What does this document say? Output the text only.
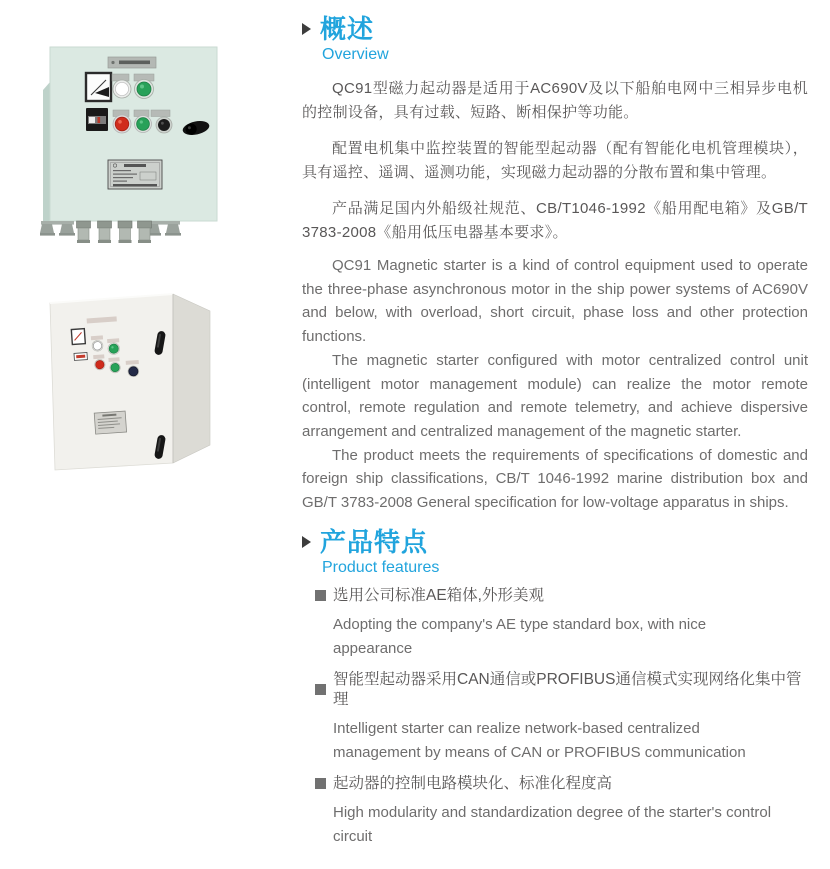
概述
Overview

QC91型磁力起动器是适用于AC690V及以下船舶电网中三相异步电机的控制设备，具有过载、短路、断相保护等功能。

配置电机集中监控装置的智能型起动器（配有智能化电机管理模块），具有遥控、遥调、遥测功能，实现磁力起动器的分散布置和集中管理。

产品满足国内外船级社规范、CB/T1046-1992《船用配电箱》及GB/T 3783-2008《船用低压电器基本要求》。

QC91 Magnetic starter is a kind of control equipment used to operate the three-phase asynchronous motor in the ship power systems of AC690V and below, with overload, short circuit, phase loss and other protection functions.

The magnetic starter configured with motor centralized control unit (intelligent motor management module) can realize the motor remote control, remote regulation and remote telemetry, and achieve dispersive arrangement and centralized management of the magnetic starter.

The product meets the requirements of specifications of domestic and foreign ship classifications, CB/T 1046-1992 marine distribution box and GB/T 3783-2008 General specification for low-voltage apparatus in ships.

产品特点
Product features
选用公司标准AE箱体,外形美观

Adopting the company's AE type standard box, with nice appearance

智能型起动器采用CAN通信或PROFIBUS通信模式实现网络化集中管理

Intelligent starter can realize network-based centralized management by means of CAN or PROFIBUS communication

起动器的控制电路模块化、标准化程度高

High modularity and standardization degree of the starter's control circuit
